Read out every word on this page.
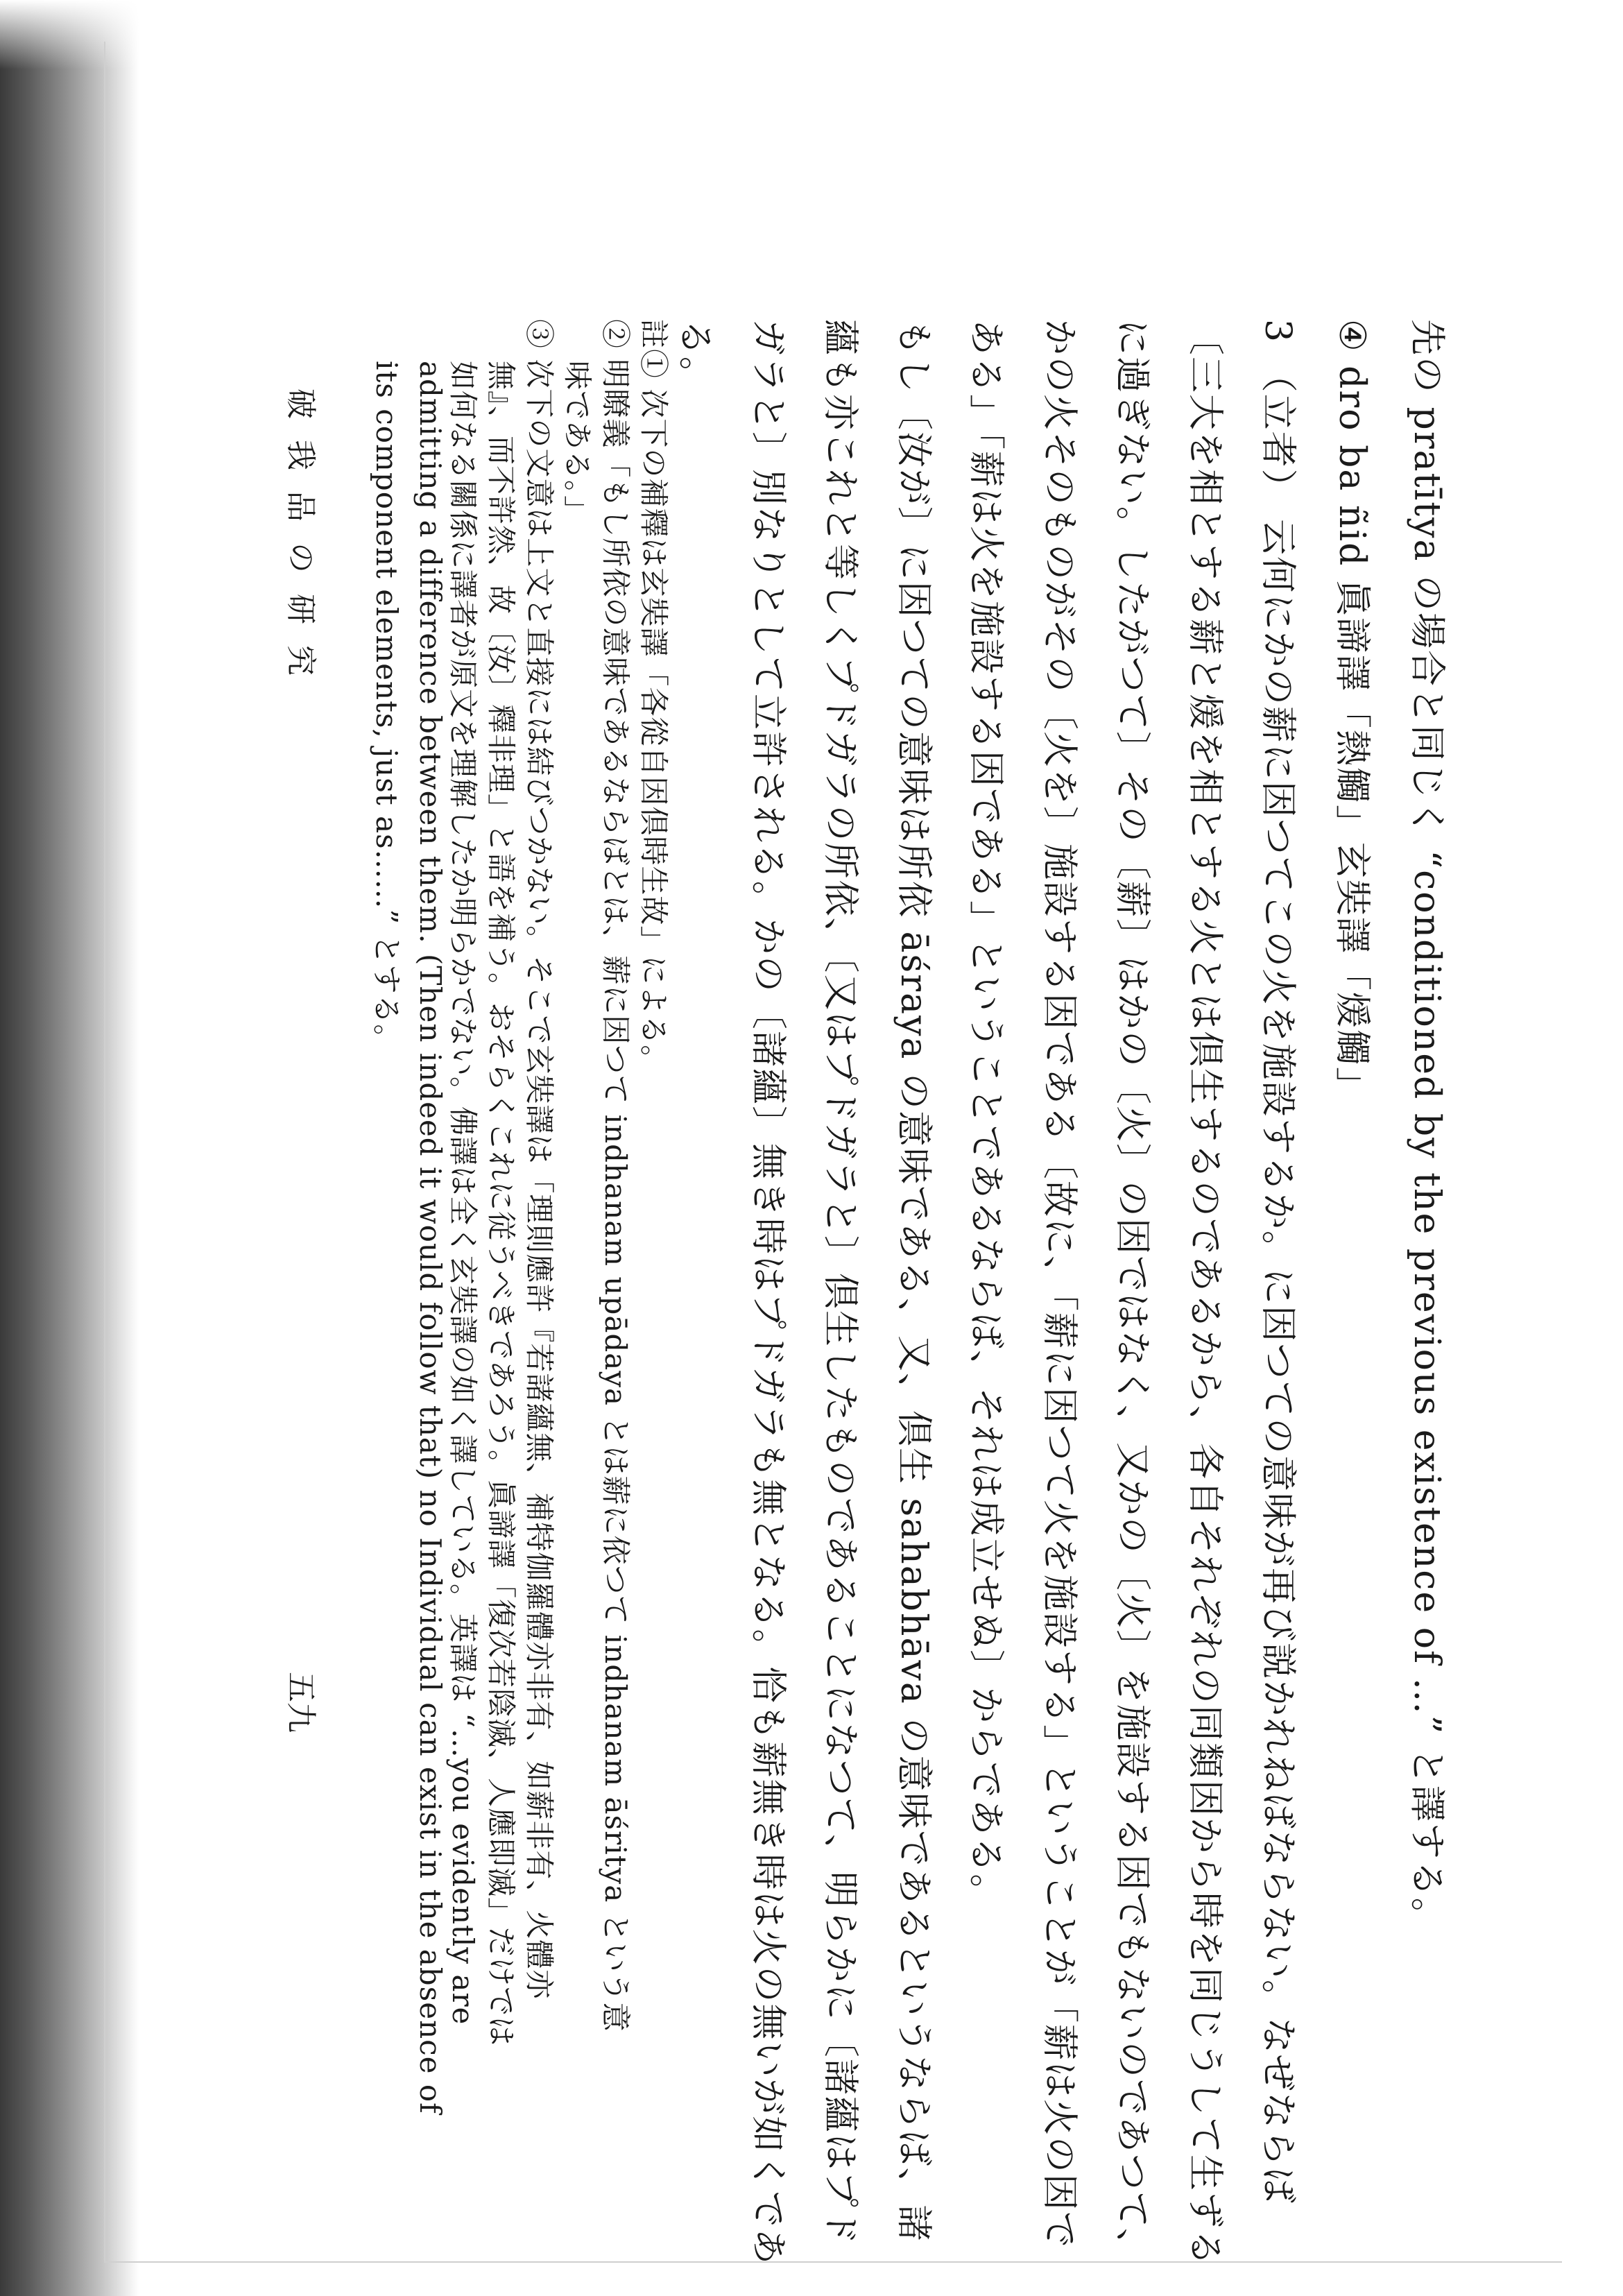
先の pratītya の場合と同じく “conditioned by the previous existence of …” と譯する。
④ dro ba ñid 眞諦譯「熱觸」玄奘譯「煖觸」
3 （立者） 云何にかの薪に因つてこの火を施設するか。に因つての意味が再び説かれねばならない。なぜならば
〔三大を相とする薪と煖を相とする火とは倶生するのであるから、各自それぞれの同類因から時を同じうして生ずる
に過ぎない。したがつて〕その〔薪〕はかの〔火〕の因ではなく、又かの〔火〕を施設する因でもないのであつて、
かの火そのものがその〔火を〕施設する因である〔故に、「薪に因つて火を施設する」ということが「薪は火の因で
ある」「薪は火を施設する因である」ということであるならば、それは成立せぬ〕からである。
もし〔汝が〕に因つての意味は所依 āśraya の意味である、又、倶生 sahabhāva の意味であるというならば、諸
蘊も亦これと等しくプドガラの所依、〔又はプドガラと〕倶生したものであることになつて、明らかに〔諸蘊はプド
ガラと〕別なりとして立許される。かの〔諸蘊〕無き時はプドガラも無となる。恰も薪無き時は火の無いが如くであ
る。
註① 次下の補釋は玄奘譯「各從自因倶時生故」による。
② 明瞭義「もし所依の意味であるならばとは、薪に因つて indhanam upādaya とは薪に依つて indhanam āśritya という意
味である。」
③ 次下の文意は上文と直接には結びつかない。そこで玄奘譯は「理則應許『若諸蘊無、補特伽羅體亦非有、如薪非有、火體亦
無』、而不許然、故〔汝〕釋非理」と語を補う。おそらくこれに従うべきであろう。眞諦譯「復次若陰滅、人應即滅」だけでは
如何なる關係に譯者が原文を理解したか明らかでない。佛譯は全く玄奘譯の如く譯している。英譯は “…you evidently are
admitting a difference between them. (Then indeed it would follow that) no Individual can exist in the absence of
its component elements, just as……” とする。
破我品の研究
五九
